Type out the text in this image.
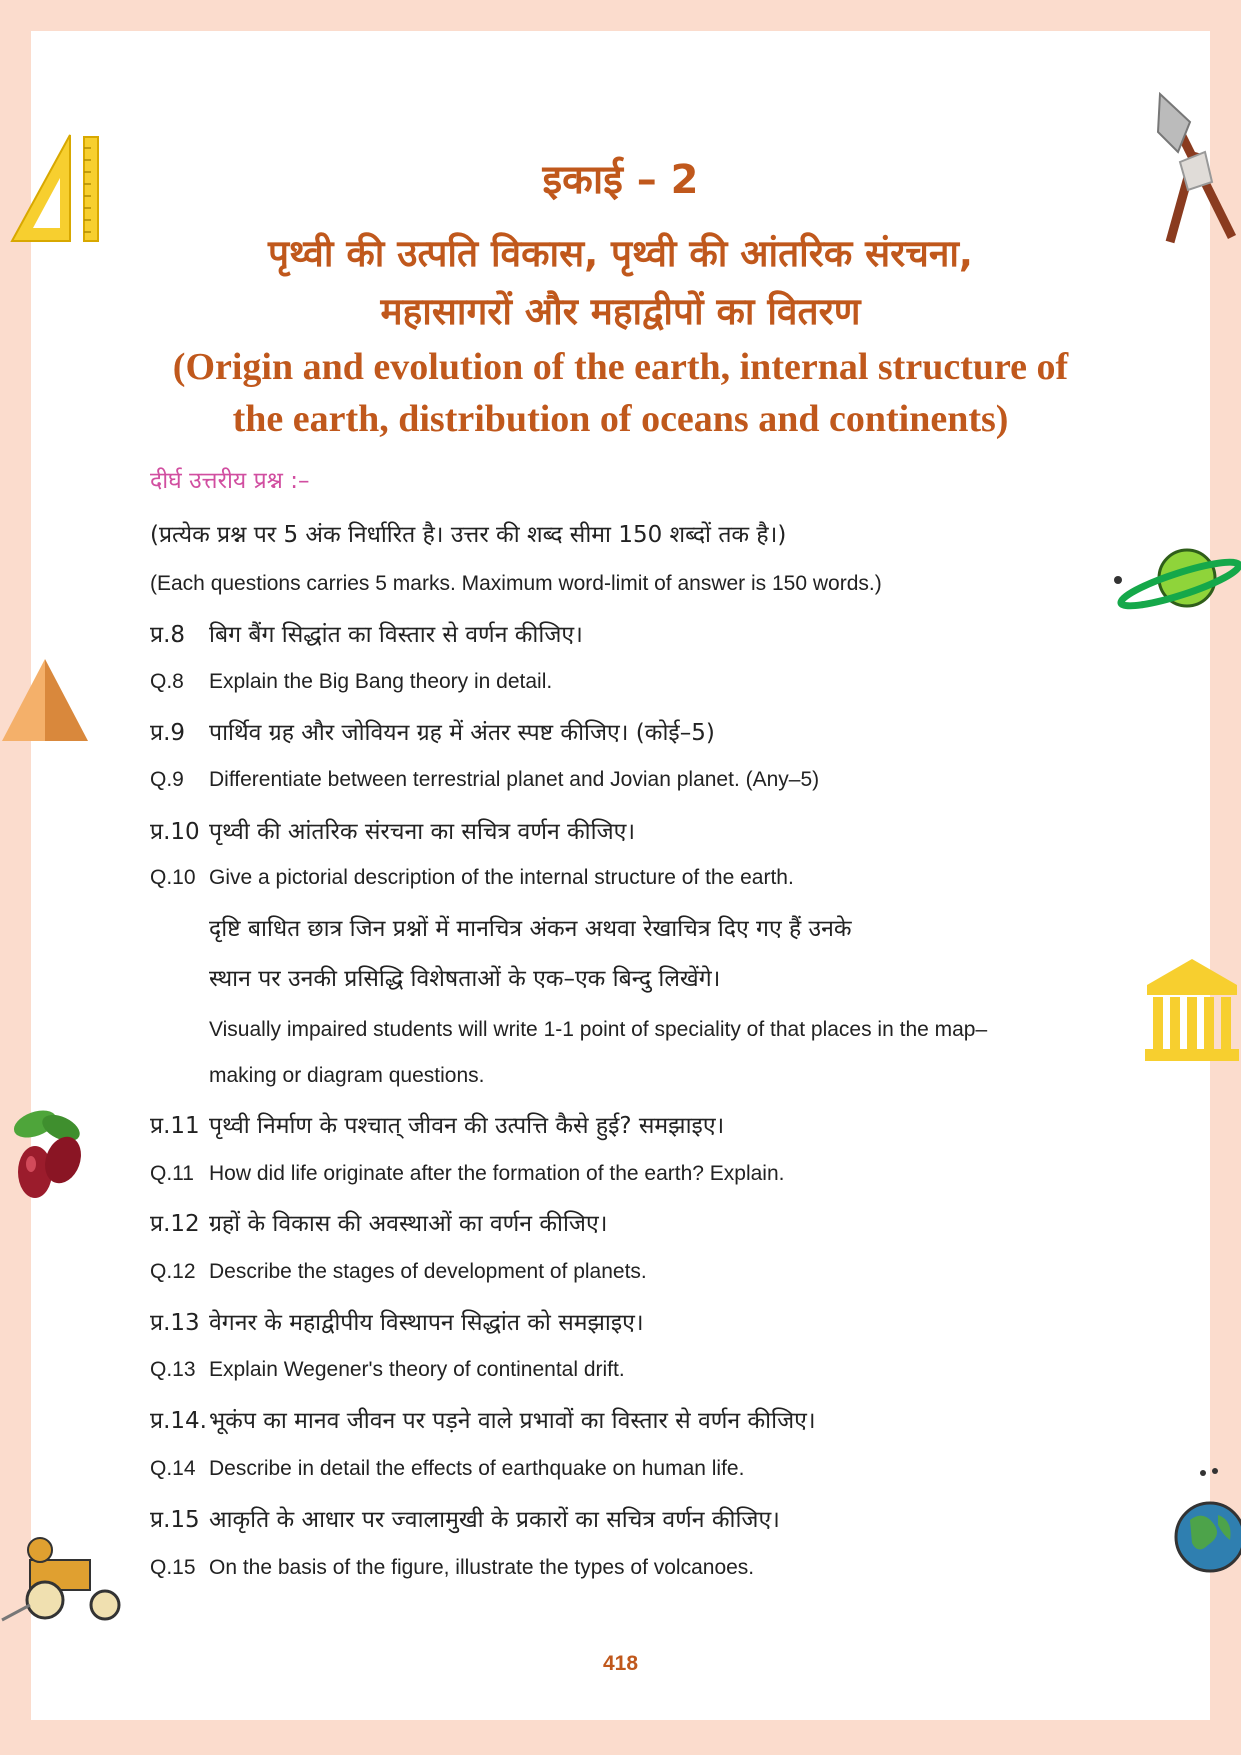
इकाई – 2
पृथ्वी की उत्पति विकास, पृथ्वी की आंतरिक संरचना,
महासागरों और महाद्वीपों का वितरण
(Origin and evolution of the earth, internal structure of
the earth, distribution of oceans and continents)
दीर्घ उत्तरीय प्रश्न :–
(प्रत्येक प्रश्न पर 5 अंक निर्धारित है। उत्तर की शब्द सीमा 150 शब्दों तक है।)
(Each questions carries 5 marks. Maximum word-limit of answer is 150 words.)
प्र.8 बिग बैंग सिद्धांत का विस्तार से वर्णन कीजिए।
Q.8 Explain the Big Bang theory in detail.
प्र.9 पार्थिव ग्रह और जोवियन ग्रह में अंतर स्पष्ट कीजिए। (कोई–5)
Q.9 Differentiate between terrestrial planet and Jovian planet. (Any–5)
प्र.10 पृथ्वी की आंतरिक संरचना का सचित्र वर्णन कीजिए।
Q.10 Give a pictorial description of the internal structure of the earth.
दृष्टि बाधित छात्र जिन प्रश्नों में मानचित्र अंकन अथवा रेखाचित्र दिए गए हैं उनके
स्थान पर उनकी प्रसिद्धि विशेषताओं के एक–एक बिन्दु लिखेंगे।
Visually impaired students will write 1-1 point of speciality of that places in the map–
making or diagram questions.
प्र.11 पृथ्वी निर्माण के पश्चात् जीवन की उत्पत्ति कैसे हुई? समझाइए।
Q.11 How did life originate after the formation of the earth? Explain.
प्र.12 ग्रहों के विकास की अवस्थाओं का वर्णन कीजिए।
Q.12 Describe the stages of development of planets.
प्र.13 वेगनर के महाद्वीपीय विस्थापन सिद्धांत को समझाइए।
Q.13 Explain Wegener's theory of continental drift.
प्र.14.भूकंप का मानव जीवन पर पड़ने वाले प्रभावों का विस्तार से वर्णन कीजिए।
Q.14 Describe in detail the effects of earthquake on human life.
प्र.15 आकृति के आधार पर ज्वालामुखी के प्रकारों का सचित्र वर्णन कीजिए।
Q.15 On the basis of the figure, illustrate the types of volcanoes.
418
